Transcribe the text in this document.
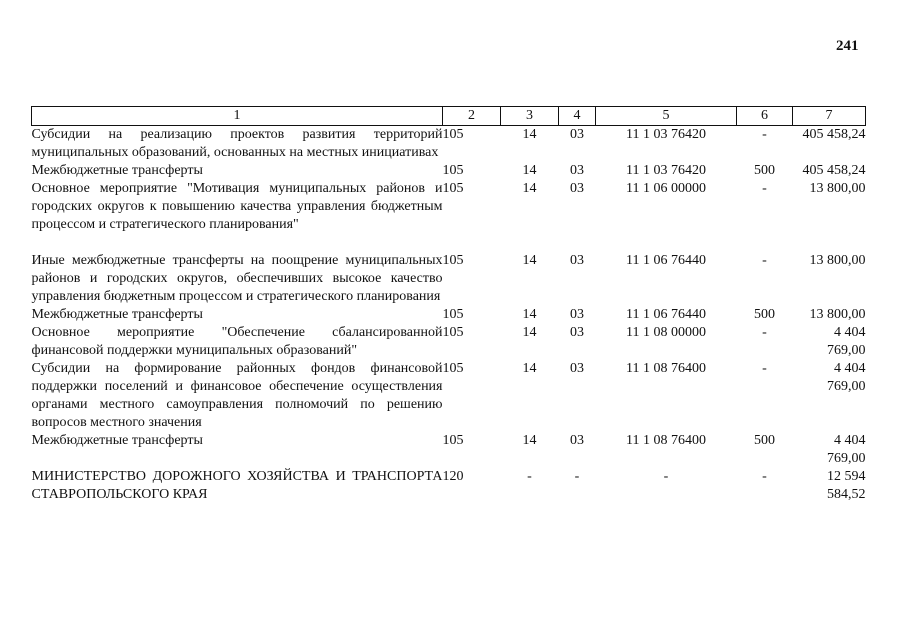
241
1	2	3	4	5	6	7
Субсидии на реализацию проектов развития территорий муниципальных образований, основанных на местных инициативах	105	14	03	11 1 03 76420	-	405 458,24
Межбюджетные трансферты	105	14	03	11 1 03 76420	500	405 458,24
Основное мероприятие "Мотивация муниципальных районов и городских округов к повышению качества управления бюджетным процессом и стратегического планирования"	105	14	03	11 1 06 00000	-	13 800,00

Иные межбюджетные трансферты на поощрение муниципальных районов и городских округов, обеспечивших высокое качество управления бюджетным процессом и стратегического планирования	105	14	03	11 1 06 76440	-	13 800,00
Межбюджетные трансферты	105	14	03	11 1 06 76440	500	13 800,00
Основное мероприятие "Обеспечение сбалансированной финансовой поддержки муниципальных образований"	105	14	03	11 1 08 00000	-	4 404 769,00
Субсидии на формирование районных фондов финансовой поддержки поселений и финансовое обеспечение осуществления органами местного самоуправления полномочий по решению вопросов местного значения	105	14	03	11 1 08 76400	-	4 404 769,00
Межбюджетные трансферты	105	14	03	11 1 08 76400	500	4 404 769,00
МИНИСТЕРСТВО ДОРОЖНОГО ХОЗЯЙСТВА И ТРАНСПОРТА СТАВРОПОЛЬСКОГО КРАЯ	120	-	-	-	-	12 594 584,52
